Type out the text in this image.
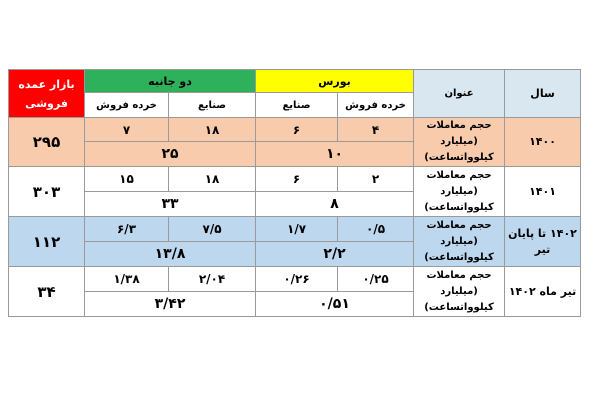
سال	عنوان	بورس		دو جانبه		بازار عمده فروشی
		خرده فروش	صنایع	صنایع	خرده فروش	
۱۴۰۰	حجم معاملات (میلیارد کیلوواتساعت)	۴	۶	۱۸	۷	۲۹۵
		۱۰		۲۵		
۱۴۰۱	حجم معاملات (میلیارد کیلوواتساعت)	۲	۶	۱۸	۱۵	۳۰۳
		۸		۳۳		
۱۴۰۲ تا پایان تیر	حجم معاملات (میلیارد کیلوواتساعت)	۰/۵	۱/۷	۷/۵	۶/۳	۱۱۲
		۲/۲		۱۳/۸		
تیر ماه ۱۴۰۲	حجم معاملات (میلیارد کیلوواتساعت)	۰/۲۵	۰/۲۶	۲/۰۴	۱/۳۸	۳۴
		۰/۵۱		۳/۴۲		
